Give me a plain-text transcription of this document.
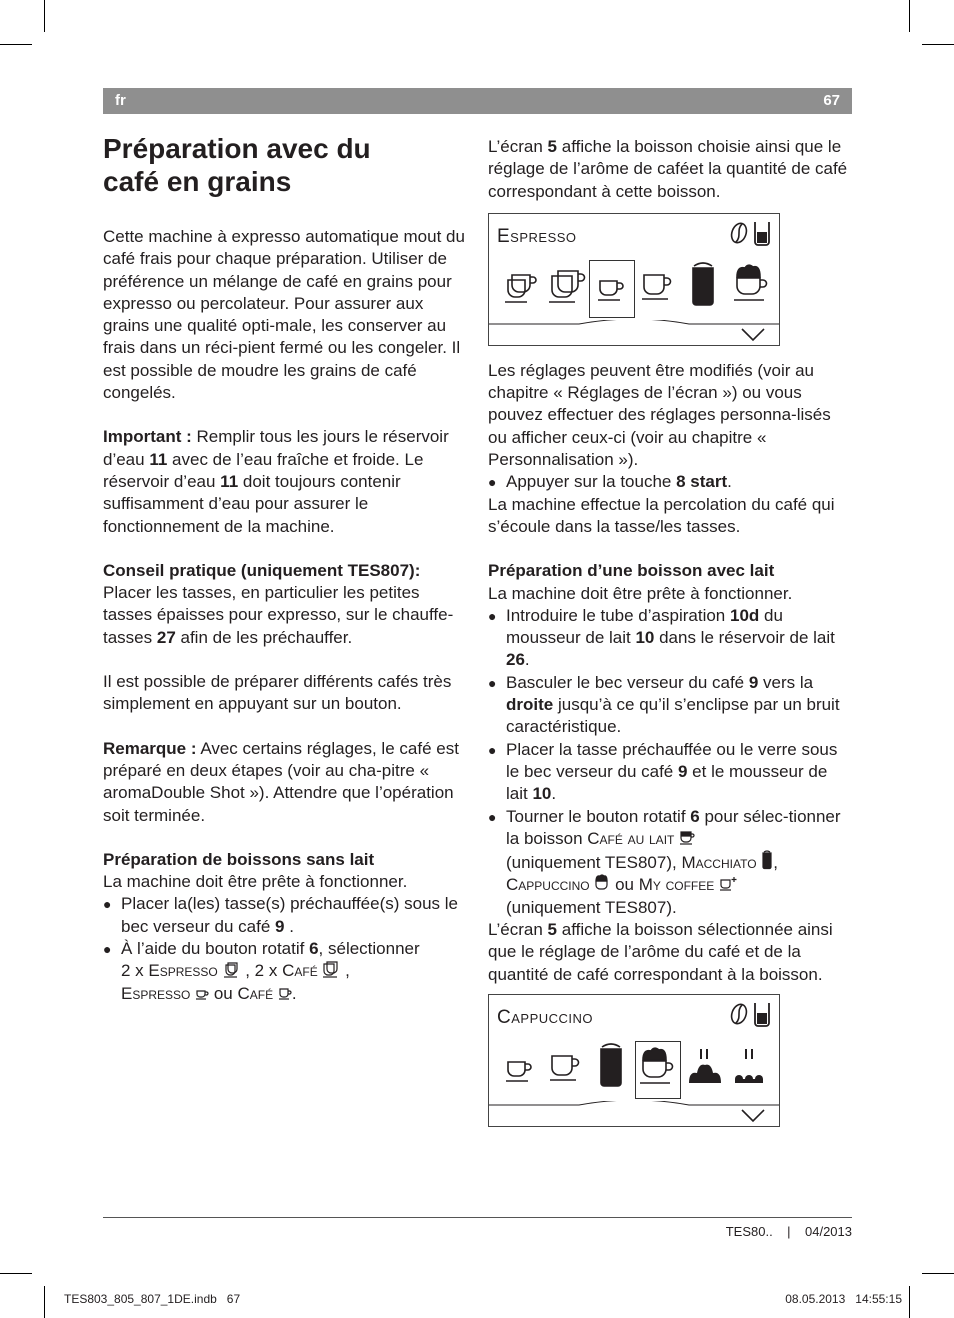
fr	67
Préparation avec du
café en grains

Cette machine à expresso automatique mout du café frais pour chaque préparation. Utiliser de préférence un mélange de café en grains pour expresso ou percolateur. Pour assurer aux grains une qualité opti-male, les conserver au frais dans un réci-pient fermé ou les congeler. Il est possible de moudre les grains de café congelés.

Important : Remplir tous les jours le réservoir d’eau 11 avec de l’eau fraîche et froide. Le réservoir d’eau 11 doit toujours contenir suffisamment d’eau pour assurer le fonctionnement de la machine.

Conseil pratique (uniquement TES807):

Placer les tasses, en particulier les petites tasses épaisses pour expresso, sur le chauffe-tasses 27 afin de les préchauffer.

Il est possible de préparer différents cafés très simplement en appuyant sur un bouton.

Remarque : Avec certains réglages, le café est préparé en deux étapes (voir au cha-pitre « aromaDouble Shot »). Attendre que l’opération soit terminée.

Préparation de boissons sans lait

La machine doit être prête à fonctionner.

● Placer la(les) tasse(s) préchauffée(s) sous le bec verseur du café 9 .

● À l’aide du bouton rotatif 6, sélectionner
2 x Espresso  , 2 x Café  ,
Espresso  ou Café .

L’écran 5 affiche la boisson choisie ainsi que le réglage de l’arôme de caféet la quantité de café correspondant à cette boisson.

Espresso

Les réglages peuvent être modifiés (voir au chapitre « Réglages de l’écran ») ou vous pouvez effectuer des réglages personna-lisés ou afficher ceux-ci (voir au chapitre « Personnalisation »).

● Appuyer sur la touche 8 start.

La machine effectue la percolation du café qui s’écoule dans la tasse/les tasses.

Préparation d’une boisson avec lait

La machine doit être prête à fonctionner.

● Introduire le tube d’aspiration 10d du mousseur de lait 10 dans le réservoir de lait 26.

● Basculer le bec verseur du café 9 vers la droite jusqu’à ce qu’il s’enclipse par un bruit caractéristique.

● Placer la tasse préchauffée ou le verre sous le bec verseur du café 9 et le mousseur de lait 10.

● Tourner le bouton rotatif 6 pour sélec-tionner la boisson Café au lait
(uniquement TES807), Macchiato ,
Cappuccino  ou My coffee
(uniquement TES807).

L’écran 5 affiche la boisson sélectionnée ainsi que le réglage de l’arôme du café et de la quantité de café correspondant à la boisson.

Cappuccino
TES80.. | 04/2013
TES803_805_807_1DE.indb   67	08.05.2013   14:55:15
